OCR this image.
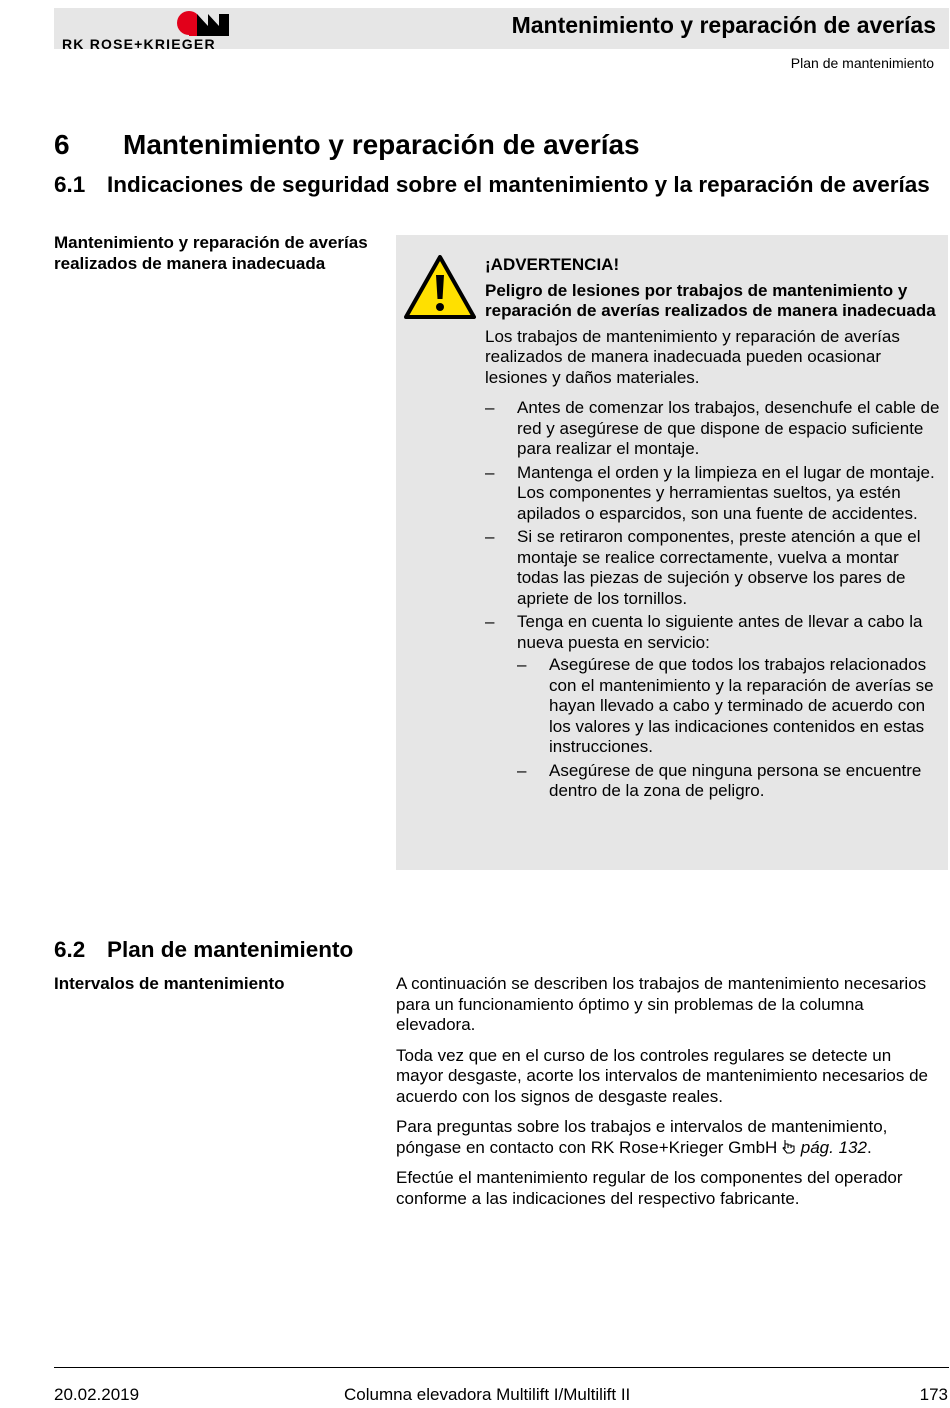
RK ROSE+KRIEGER
Mantenimiento y reparación de averías
Plan de mantenimiento
6 Mantenimiento y reparación de averías
6.1 Indicaciones de seguridad sobre el mantenimiento y la reparación de averías
Mantenimiento y reparación de averías realizados de manera inadecuada	¡ADVERTENCIA!
Peligro de lesiones por trabajos de mantenimiento y reparación de averías realizados de manera inadecuada
Los trabajos de mantenimiento y reparación de averías realizados de manera inadecuada pueden ocasionar lesiones y daños materiales.
– Antes de comenzar los trabajos, desenchufe el cable de red y asegúrese de que dispone de espacio suficiente para realizar el montaje.
– Mantenga el orden y la limpieza en el lugar de montaje. Los componentes y herramientas sueltos, ya estén apilados o esparcidos, son una fuente de accidentes.
– Si se retiraron componentes, preste atención a que el montaje se realice correctamente, vuelva a montar todas las piezas de sujeción y observe los pares de apriete de los tornillos.
– Tenga en cuenta lo siguiente antes de llevar a cabo la nueva puesta en servicio:
– Asegúrese de que todos los trabajos relacionados con el mantenimiento y la reparación de averías se hayan llevado a cabo y terminado de acuerdo con los valores y las indicaciones contenidos en estas instrucciones.
– Asegúrese de que ninguna persona se encuentre dentro de la zona de peligro.
6.2 Plan de mantenimiento
Intervalos de mantenimiento	A continuación se describen los trabajos de mantenimiento necesarios para un funcionamiento óptimo y sin problemas de la columna elevadora.

Toda vez que en el curso de los controles regulares se detecte un mayor desgaste, acorte los intervalos de mantenimiento necesarios de acuerdo con los signos de desgaste reales.

Para preguntas sobre los trabajos e intervalos de mantenimiento, póngase en contacto con RK Rose+Krieger GmbH pág. 132.

Efectúe el mantenimiento regular de los componentes del operador conforme a las indicaciones del respectivo fabricante.

20.02.2019	Columna elevadora Multilift I/Multilift II	173
